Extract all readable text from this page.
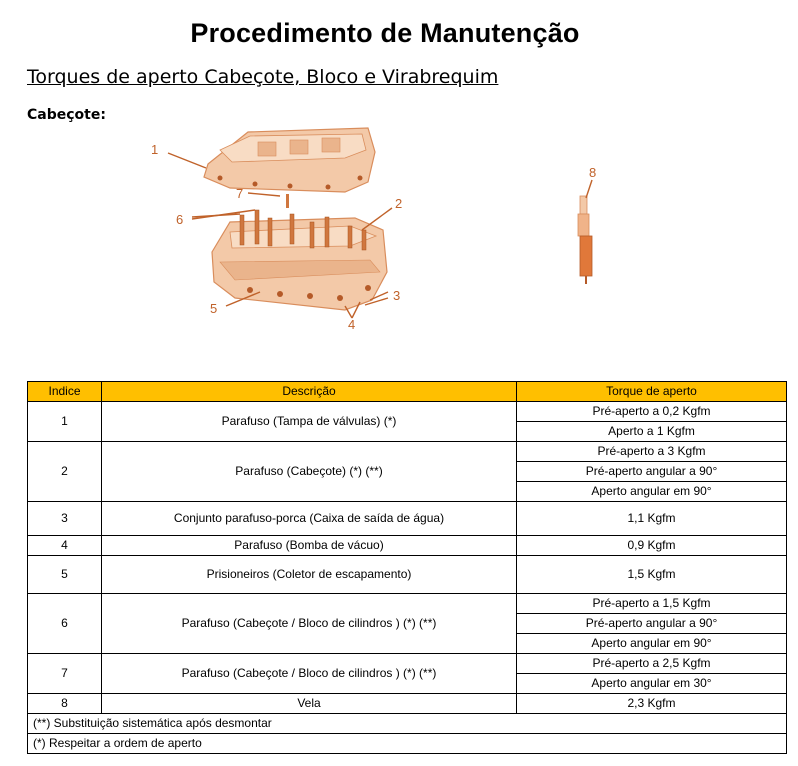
Procedimento de Manutenção
Torques de aperto Cabeçote, Bloco e Virabrequim
Cabeçote:
1
2
3
4
5
6
7
8
Indice	Descrição	Torque de aperto
1	Parafuso (Tampa de válvulas) (*)	Pré-aperto a 0,2 Kgfm
		Aperto a 1 Kgfm
2	Parafuso (Cabeçote) (*) (**)	Pré-aperto a 3 Kgfm
		Pré-aperto angular a 90°
		Aperto angular em 90°
3	Conjunto parafuso-porca (Caixa de saída de água)	1,1 Kgfm
4	Parafuso (Bomba de vácuo)	0,9 Kgfm
5	Prisioneiros (Coletor de escapamento)	1,5 Kgfm
6	Parafuso (Cabeçote / Bloco de cilindros ) (*) (**)	Pré-aperto a 1,5 Kgfm
		Pré-aperto angular a 90°
		Aperto angular em 90°
7	Parafuso (Cabeçote / Bloco de cilindros ) (*) (**)	Pré-aperto a 2,5 Kgfm
		Aperto angular em 30°
8	Vela	2,3 Kgfm
(**) Substituição sistemática após desmontar		
(*) Respeitar a ordem de aperto		
